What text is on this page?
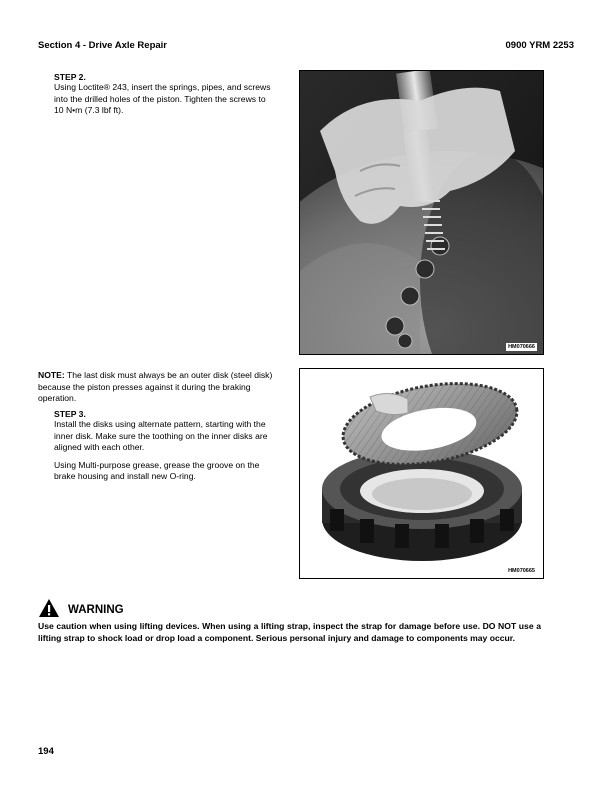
Section 4 - Drive Axle Repair	0900 YRM 2253
STEP 2.
Using Loctite® 243, insert the springs, pipes, and screws into the drilled holes of the piston. Tighten the screws to 10 N•m (7.3 lbf ft).
HM070666
NOTE: The last disk must always be an outer disk (steel disk) because the piston presses against it during the braking operation.
STEP 3.
Install the disks using alternate pattern, starting with the inner disk. Make sure the toothing on the inner disks are aligned with each other.
Using Multi-purpose grease, grease the groove on the brake housing and install new O-ring.
HM070665
WARNING
Use caution when using lifting devices. When using a lifting strap, inspect the strap for damage before use. DO NOT use a lifting strap to shock load or drop load a component. Serious personal injury and damage to components may occur.
194
